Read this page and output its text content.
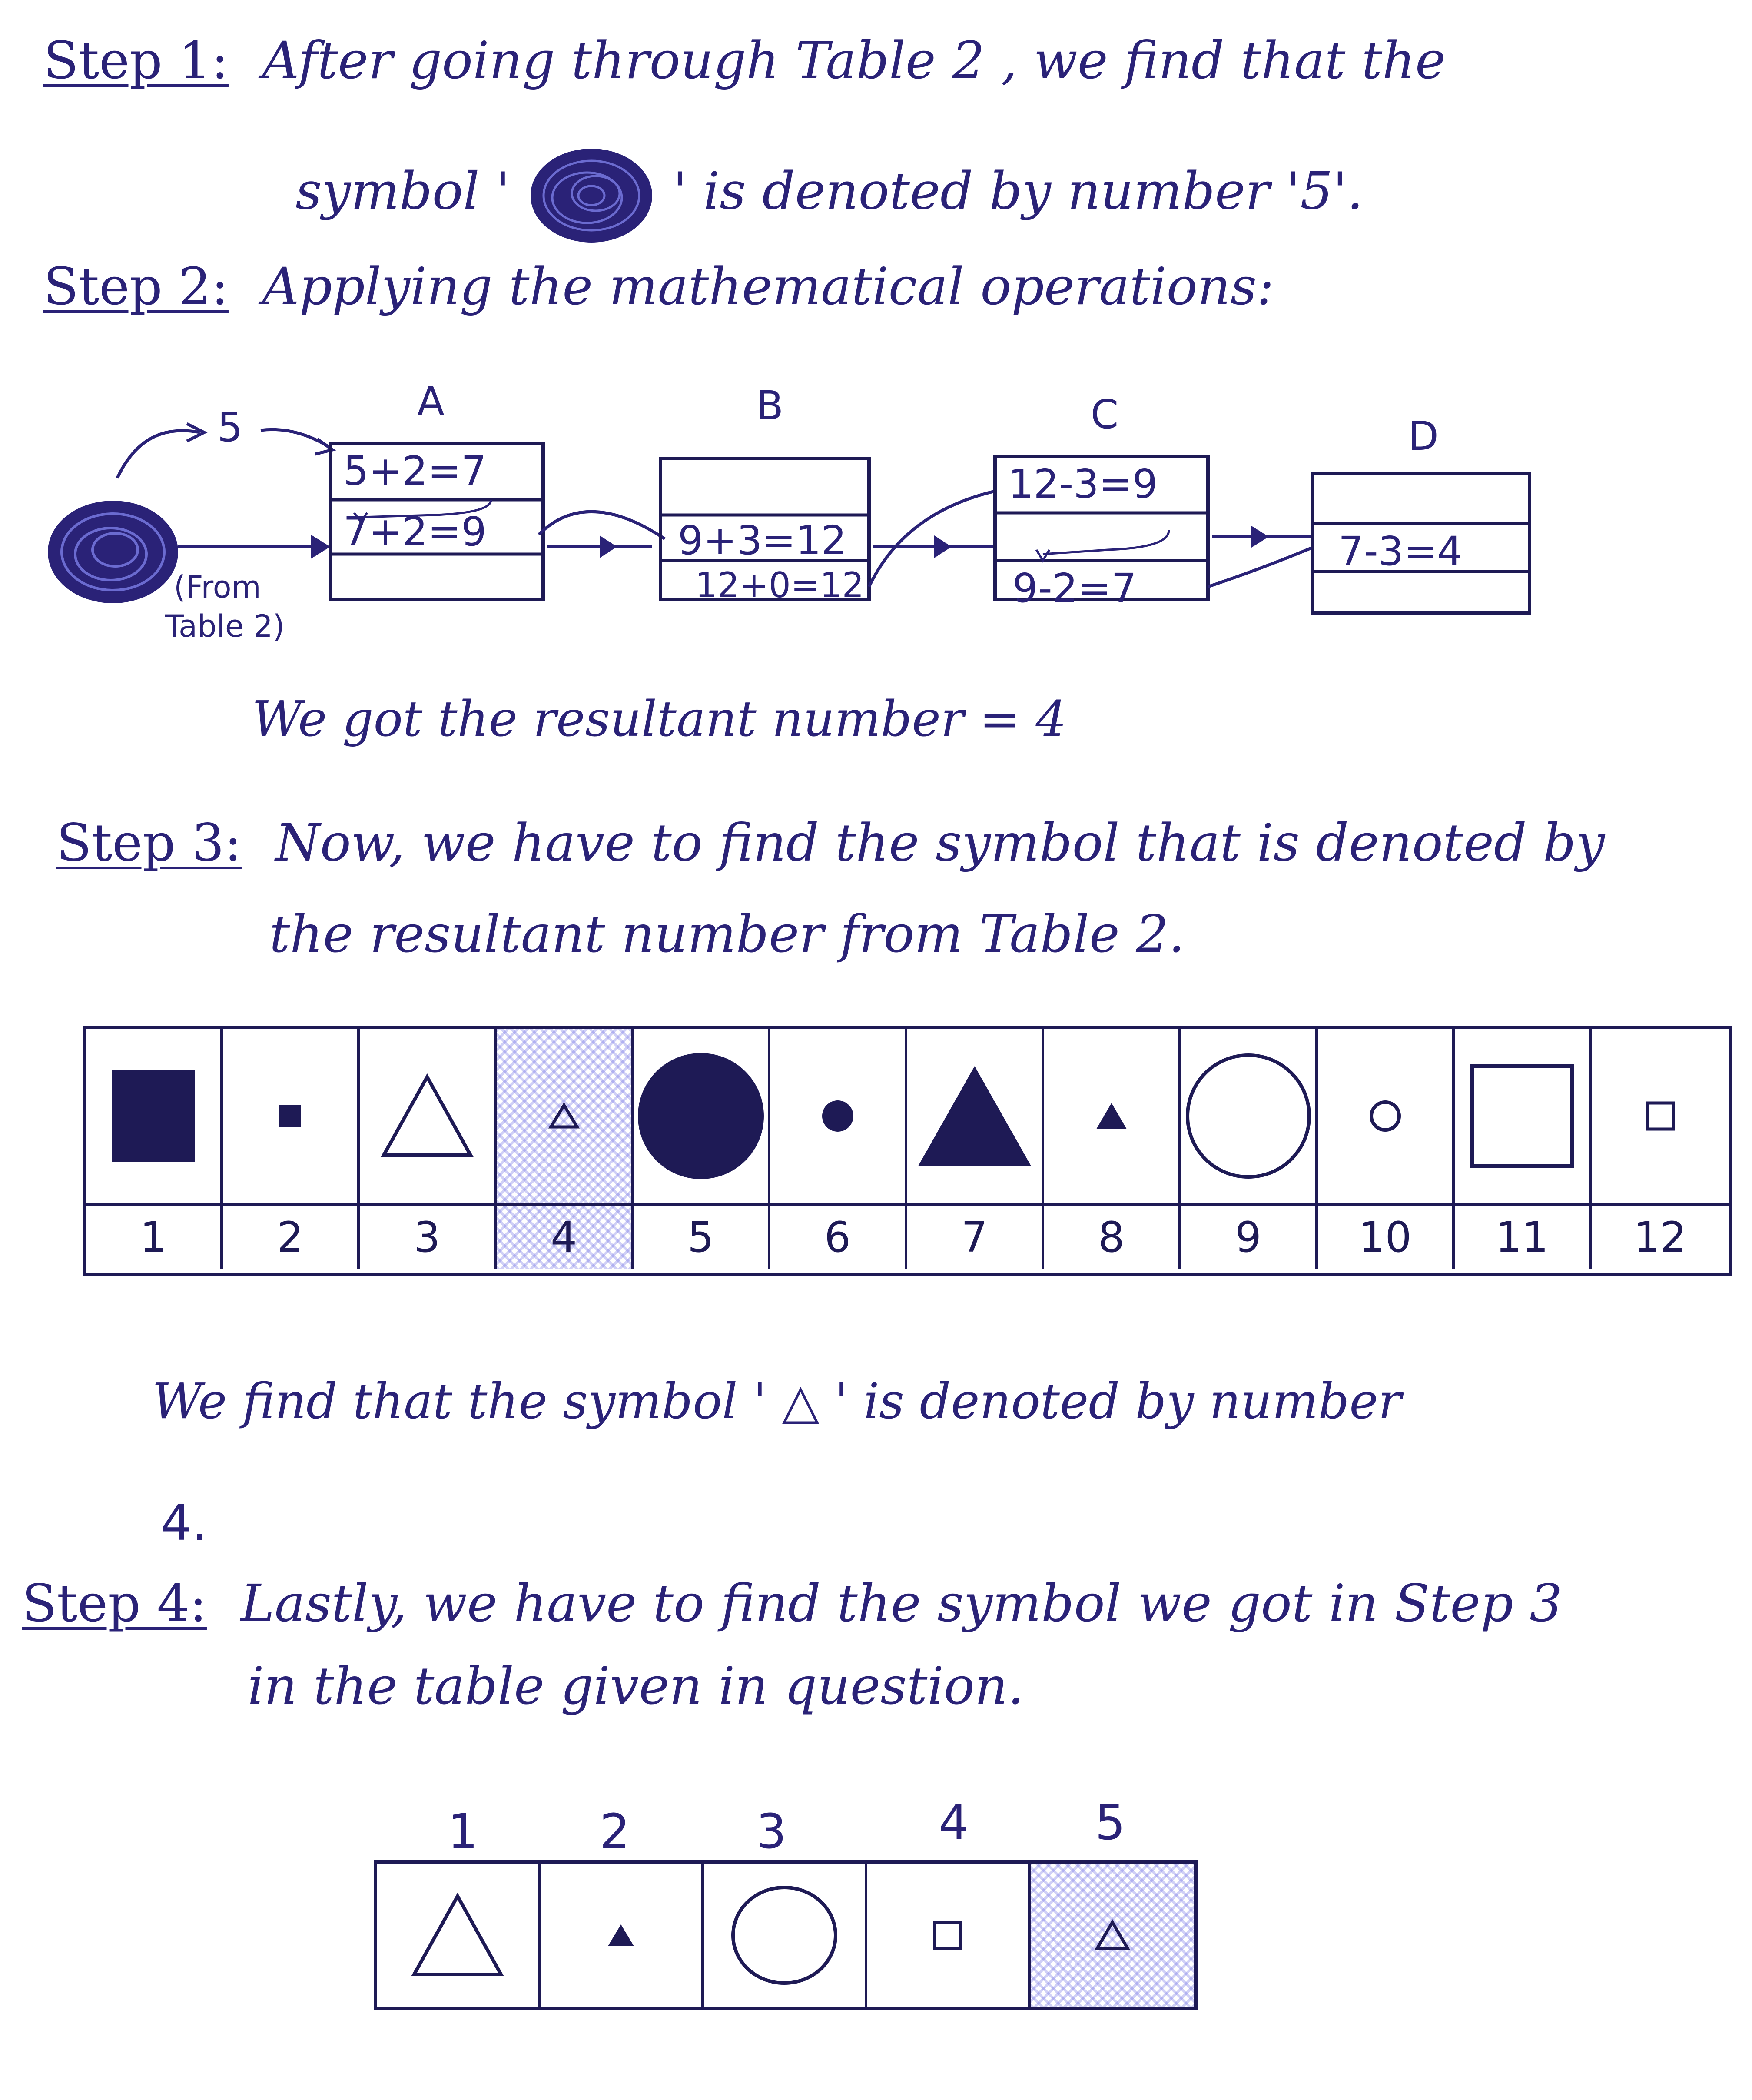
Step 1: After going through Table 2 , we find that the
symbol '	' is denoted by number '5'.
Step 2: Applying the mathematical operations:
5
(From
Table 2)
A
5+2=7
7+2=9
B
9+3=12
12+0=12
C
12-3=9
9-2=7
D
7-3=4
We got the resultant number = 4
Step 3: Now, we have to find the symbol that is denoted by
the resultant number from Table 2.
1	2	3	4	5	6	7	8	9	10	11	12
We find that the symbol ' △ ' is denoted by number
4.
Step 4: Lastly, we have to find the symbol we got in Step 3
in the table given in question.
1	2	3	4	5
